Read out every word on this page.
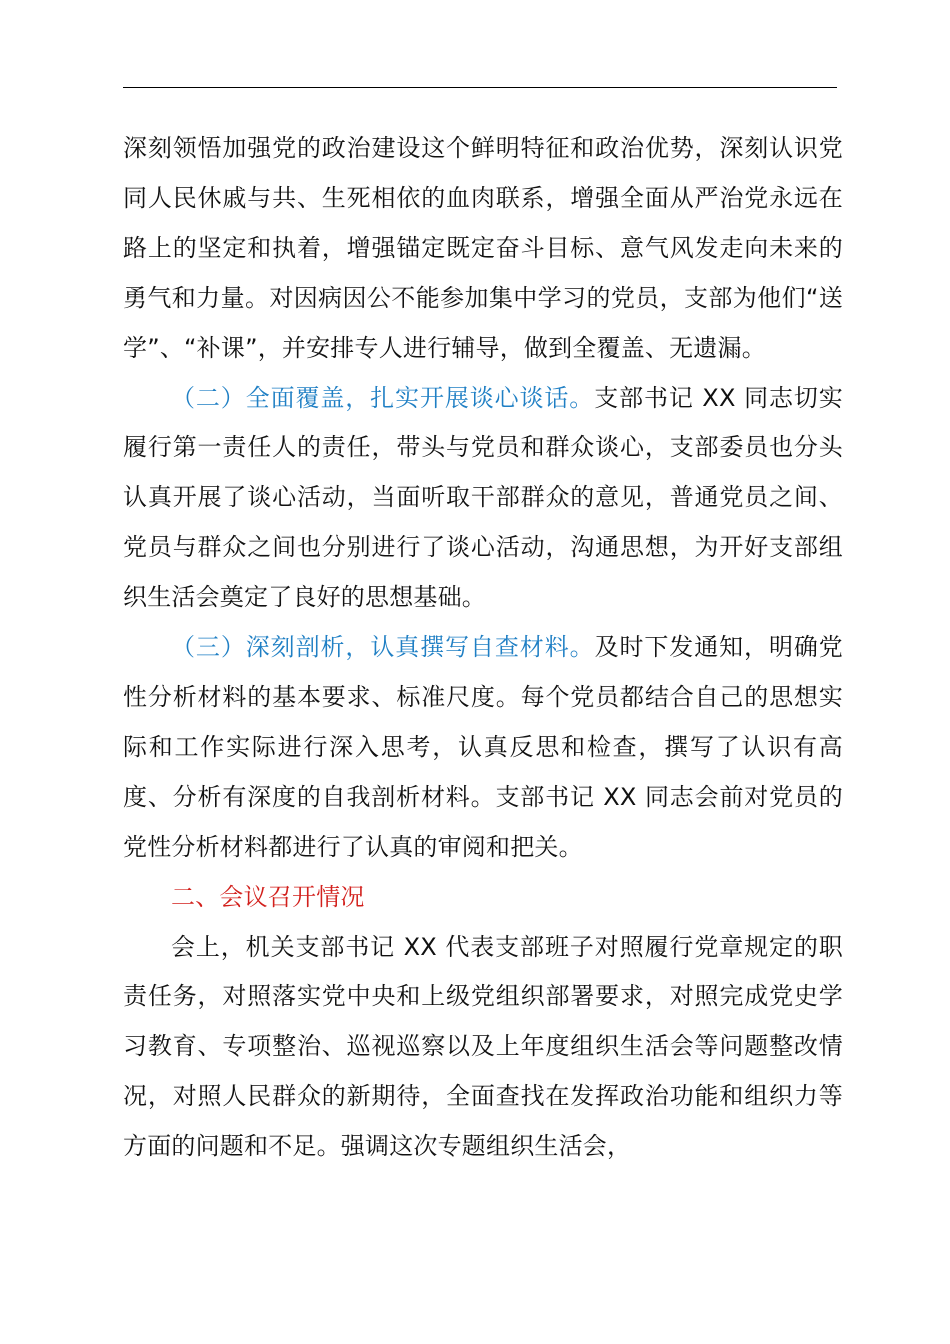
深刻领悟加强党的政治建设这个鲜明特征和政治优势，深刻认识党同人民休戚与共、生死相依的血肉联系，增强全面从严治党永远在路上的坚定和执着，增强锚定既定奋斗目标、意气风发走向未来的勇气和力量。对因病因公不能参加集中学习的党员，支部为他们“送学”、“补课”，并安排专人进行辅导，做到全覆盖、无遗漏。

（二）全面覆盖，扎实开展谈心谈话。支部书记 XX 同志切实履行第一责任人的责任，带头与党员和群众谈心，支部委员也分头认真开展了谈心活动，当面听取干部群众的意见，普通党员之间、党员与群众之间也分别进行了谈心活动，沟通思想，为开好支部组织生活会奠定了良好的思想基础。

（三）深刻剖析，认真撰写自查材料。及时下发通知，明确党性分析材料的基本要求、标准尺度。每个党员都结合自己的思想实际和工作实际进行深入思考，认真反思和检查，撰写了认识有高度、分析有深度的自我剖析材料。支部书记 XX 同志会前对党员的党性分析材料都进行了认真的审阅和把关。

二、会议召开情况

会上，机关支部书记 XX 代表支部班子对照履行党章规定的职责任务，对照落实党中央和上级党组织部署要求，对照完成党史学习教育、专项整治、巡视巡察以及上年度组织生活会等问题整改情况，对照人民群众的新期待，全面查找在发挥政治功能和组织力等方面的问题和不足。强调这次专题组织生活会，
